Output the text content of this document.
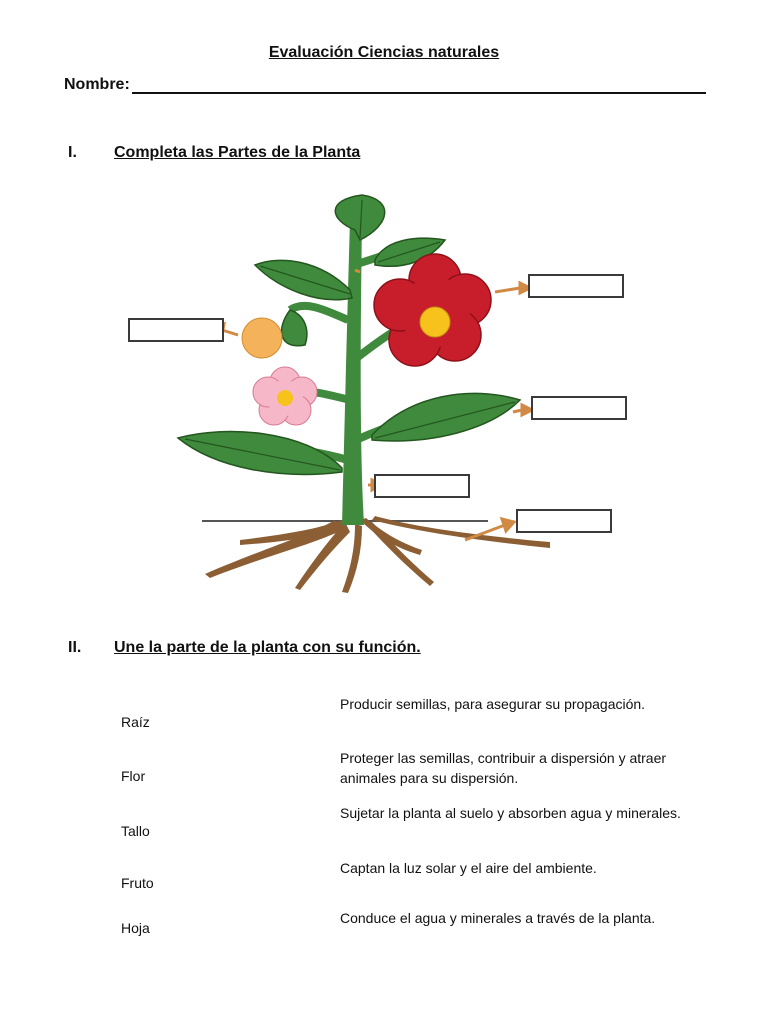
Evaluación Ciencias naturales
Nombre:
I.	Completa las Partes de la Planta
II.	Une la parte de la planta con su función.
Raíz
Flor
Tallo
Fruto
Hoja
Producir semillas, para asegurar su propagación.
Proteger las semillas, contribuir a dispersión y atraer animales para su dispersión.
Sujetar la planta al suelo y absorben agua y minerales.
Captan la luz solar y el aire del ambiente.
Conduce el agua y minerales a través de la planta.
